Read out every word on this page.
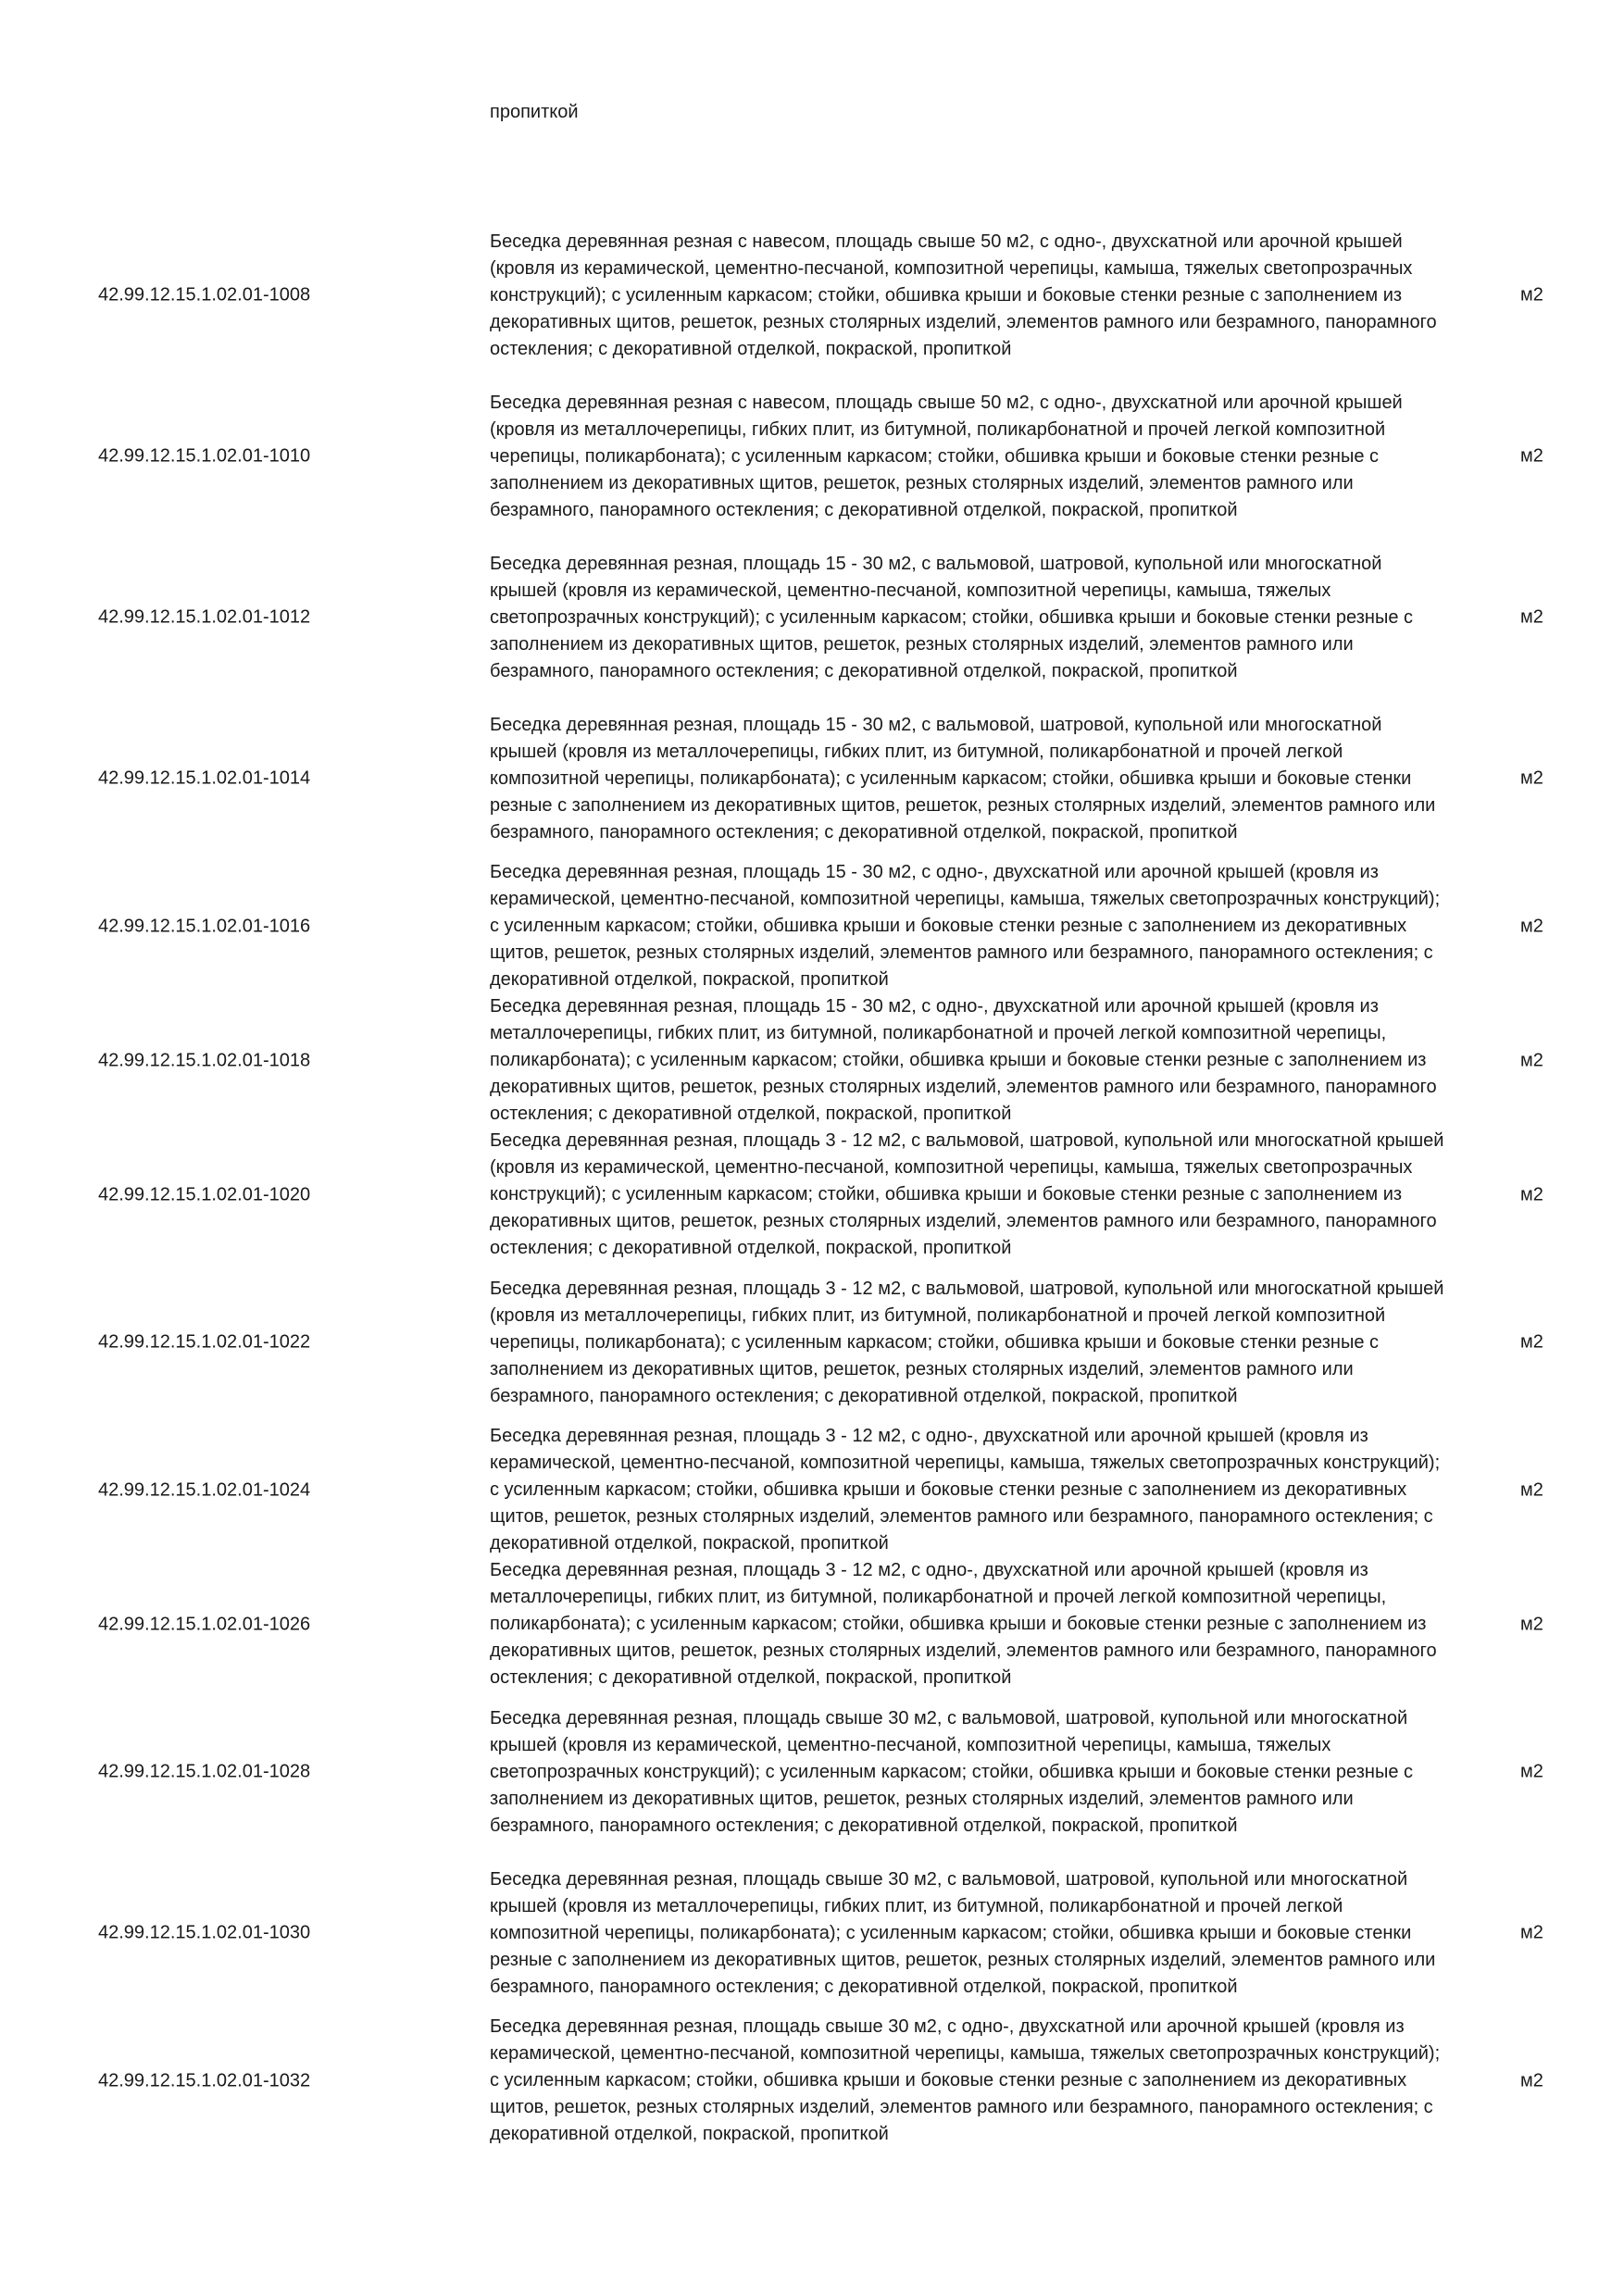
пропиткой

42.99.12.15.1.02.01-1008
Беседка деревянная резная с навесом, площадь свыше 50 м2, с одно-, двухскатной или арочной крышей (кровля из керамической, цементно-песчаной, композитной черепицы, камыша, тяжелых светопрозрачных конструкций); с усиленным каркасом; стойки, обшивка крыши и боковые стенки резные с заполнением из декоративных щитов, решеток, резных столярных изделий, элементов рамного или безрамного, панорамного остекления; с декоративной отделкой, покраской, пропиткой
м2
42.99.12.15.1.02.01-1010
Беседка деревянная резная с навесом, площадь свыше 50 м2, с одно-, двухскатной или арочной крышей (кровля из металлочерепицы, гибких плит, из битумной, поликарбонатной и прочей легкой композитной черепицы, поликарбоната); с усиленным каркасом; стойки, обшивка крыши и боковые стенки резные с заполнением из декоративных щитов, решеток, резных столярных изделий, элементов рамного или безрамного, панорамного остекления; с декоративной отделкой, покраской, пропиткой
м2
42.99.12.15.1.02.01-1012
Беседка деревянная резная, площадь 15 - 30 м2, с вальмовой, шатровой, купольной или многоскатной крышей (кровля из керамической, цементно-песчаной, композитной черепицы, камыша, тяжелых светопрозрачных конструкций); с усиленным каркасом; стойки, обшивка крыши и боковые стенки резные с заполнением из декоративных щитов, решеток, резных столярных изделий, элементов рамного или безрамного, панорамного остекления; с декоративной отделкой, покраской, пропиткой
м2
42.99.12.15.1.02.01-1014
Беседка деревянная резная, площадь 15 - 30 м2, с вальмовой, шатровой, купольной или многоскатной крышей (кровля из металлочерепицы, гибких плит, из битумной, поликарбонатной и прочей легкой композитной черепицы, поликарбоната); с усиленным каркасом; стойки, обшивка крыши и боковые стенки резные с заполнением из декоративных щитов, решеток, резных столярных изделий, элементов рамного или безрамного, панорамного остекления; с декоративной отделкой, покраской, пропиткой
м2
42.99.12.15.1.02.01-1016
Беседка деревянная резная, площадь 15 - 30 м2, с одно-, двухскатной или арочной крышей (кровля из керамической, цементно-песчаной, композитной черепицы, камыша, тяжелых светопрозрачных конструкций); с усиленным каркасом; стойки, обшивка крыши и боковые стенки резные с заполнением из декоративных щитов, решеток, резных столярных изделий, элементов рамного или безрамного, панорамного остекления; с декоративной отделкой, покраской, пропиткой
м2
42.99.12.15.1.02.01-1018
Беседка деревянная резная, площадь 15 - 30 м2, с одно-, двухскатной или арочной крышей (кровля из металлочерепицы, гибких плит, из битумной, поликарбонатной и прочей легкой композитной черепицы, поликарбоната); с усиленным каркасом; стойки, обшивка крыши и боковые стенки резные с заполнением из декоративных щитов, решеток, резных столярных изделий, элементов рамного или безрамного, панорамного остекления; с декоративной отделкой, покраской, пропиткой
м2
42.99.12.15.1.02.01-1020
Беседка деревянная резная, площадь 3 - 12 м2, с вальмовой, шатровой, купольной или многоскатной крышей (кровля из керамической, цементно-песчаной, композитной черепицы, камыша, тяжелых светопрозрачных конструкций); с усиленным каркасом; стойки, обшивка крыши и боковые стенки резные с заполнением из декоративных щитов, решеток, резных столярных изделий, элементов рамного или безрамного, панорамного остекления; с декоративной отделкой, покраской, пропиткой
м2
42.99.12.15.1.02.01-1022
Беседка деревянная резная, площадь 3 - 12 м2, с вальмовой, шатровой, купольной или многоскатной крышей (кровля из металлочерепицы, гибких плит, из битумной, поликарбонатной и прочей легкой композитной черепицы, поликарбоната); с усиленным каркасом; стойки, обшивка крыши и боковые стенки резные с заполнением из декоративных щитов, решеток, резных столярных изделий, элементов рамного или безрамного, панорамного остекления; с декоративной отделкой, покраской, пропиткой
м2
42.99.12.15.1.02.01-1024
Беседка деревянная резная, площадь 3 - 12 м2, с одно-, двухскатной или арочной крышей (кровля из керамической, цементно-песчаной, композитной черепицы, камыша, тяжелых светопрозрачных конструкций); с усиленным каркасом; стойки, обшивка крыши и боковые стенки резные с заполнением из декоративных щитов, решеток, резных столярных изделий, элементов рамного или безрамного, панорамного остекления; с декоративной отделкой, покраской, пропиткой
м2
42.99.12.15.1.02.01-1026
Беседка деревянная резная, площадь 3 - 12 м2, с одно-, двухскатной или арочной крышей (кровля из металлочерепицы, гибких плит, из битумной, поликарбонатной и прочей легкой композитной черепицы, поликарбоната); с усиленным каркасом; стойки, обшивка крыши и боковые стенки резные с заполнением из декоративных щитов, решеток, резных столярных изделий, элементов рамного или безрамного, панорамного остекления; с декоративной отделкой, покраской, пропиткой
м2
42.99.12.15.1.02.01-1028
Беседка деревянная резная, площадь свыше 30 м2, с вальмовой, шатровой, купольной или многоскатной крышей (кровля из керамической, цементно-песчаной, композитной черепицы, камыша, тяжелых светопрозрачных конструкций); с усиленным каркасом; стойки, обшивка крыши и боковые стенки резные с заполнением из декоративных щитов, решеток, резных столярных изделий, элементов рамного или безрамного, панорамного остекления; с декоративной отделкой, покраской, пропиткой
м2
42.99.12.15.1.02.01-1030
Беседка деревянная резная, площадь свыше 30 м2, с вальмовой, шатровой, купольной или многоскатной крышей (кровля из металлочерепицы, гибких плит, из битумной, поликарбонатной и прочей легкой композитной черепицы, поликарбоната); с усиленным каркасом; стойки, обшивка крыши и боковые стенки резные с заполнением из декоративных щитов, решеток, резных столярных изделий, элементов рамного или безрамного, панорамного остекления; с декоративной отделкой, покраской, пропиткой
м2
42.99.12.15.1.02.01-1032
Беседка деревянная резная, площадь свыше 30 м2, с одно-, двухскатной или арочной крышей (кровля из керамической, цементно-песчаной, композитной черепицы, камыша, тяжелых светопрозрачных конструкций); с усиленным каркасом; стойки, обшивка крыши и боковые стенки резные с заполнением из декоративных щитов, решеток, резных столярных изделий, элементов рамного или безрамного, панорамного остекления; с декоративной отделкой, покраской, пропиткой
м2
